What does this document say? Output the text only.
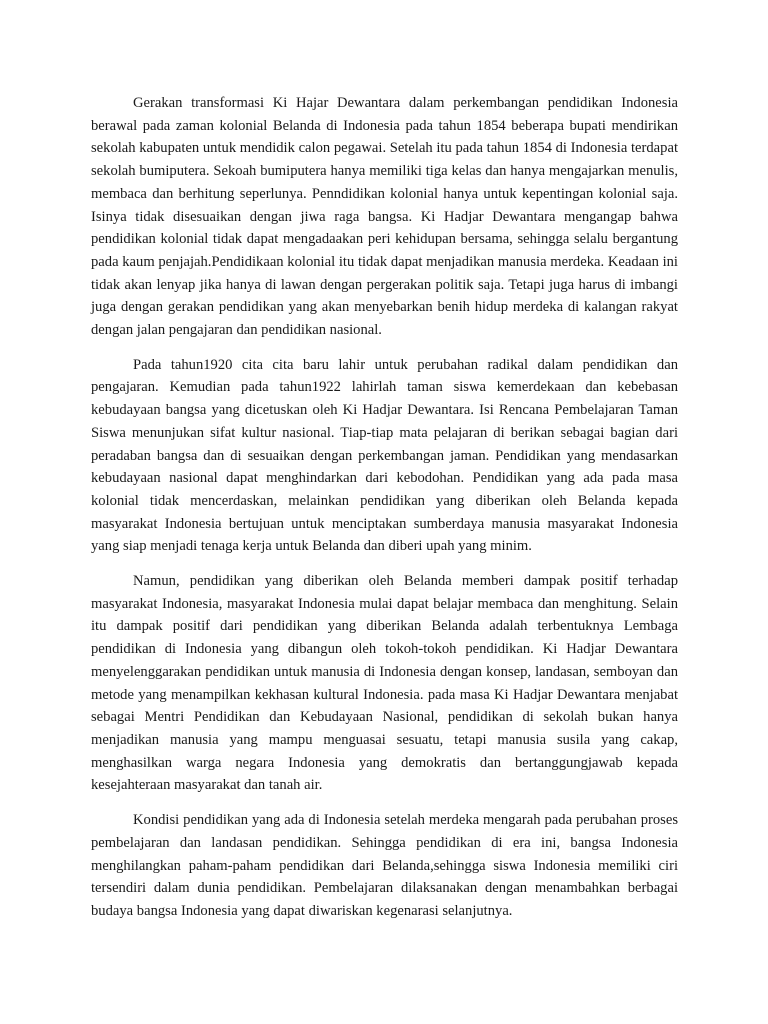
Gerakan transformasi Ki Hajar Dewantara dalam perkembangan pendidikan Indonesia berawal pada zaman kolonial Belanda di Indonesia pada tahun 1854 beberapa bupati mendirikan sekolah kabupaten untuk mendidik calon pegawai. Setelah itu pada tahun 1854 di Indonesia terdapat sekolah bumiputera. Sekoah bumiputera hanya memiliki tiga kelas dan hanya mengajarkan menulis, membaca dan berhitung seperlunya. Penndidikan kolonial hanya untuk kepentingan kolonial saja. Isinya tidak disesuaikan dengan jiwa raga bangsa. Ki Hadjar Dewantara mengangap bahwa pendidikan kolonial tidak dapat mengadaakan peri kehidupan bersama, sehingga selalu bergantung pada kaum penjajah.Pendidikaan kolonial itu tidak dapat menjadikan manusia merdeka. Keadaan ini tidak akan lenyap jika hanya di lawan dengan pergerakan politik saja. Tetapi juga harus di imbangi juga dengan gerakan pendidikan yang akan menyebarkan benih hidup merdeka di kalangan rakyat dengan jalan pengajaran dan pendidikan nasional.

Pada tahun1920 cita cita baru lahir untuk perubahan radikal dalam pendidikan dan pengajaran. Kemudian pada tahun1922 lahirlah taman siswa kemerdekaan dan kebebasan kebudayaan bangsa yang dicetuskan oleh Ki Hadjar Dewantara. Isi Rencana Pembelajaran Taman Siswa menunjukan sifat kultur nasional. Tiap-tiap mata pelajaran di berikan sebagai bagian dari peradaban bangsa dan di sesuaikan dengan perkembangan jaman. Pendidikan yang mendasarkan kebudayaan nasional dapat menghindarkan dari kebodohan. Pendidikan yang ada pada masa kolonial tidak mencerdaskan, melainkan pendidikan yang diberikan oleh Belanda kepada masyarakat Indonesia bertujuan untuk menciptakan sumberdaya manusia masyarakat Indonesia yang siap menjadi tenaga kerja untuk Belanda dan diberi upah yang minim.

Namun, pendidikan yang diberikan oleh Belanda memberi dampak positif terhadap masyarakat Indonesia, masyarakat Indonesia mulai dapat belajar membaca dan menghitung. Selain itu dampak positif dari pendidikan yang diberikan Belanda adalah terbentuknya Lembaga pendidikan di Indonesia yang dibangun oleh tokoh-tokoh pendidikan. Ki Hadjar Dewantara menyelenggarakan pendidikan untuk manusia di Indonesia dengan konsep, landasan, semboyan dan metode yang menampilkan kekhasan kultural Indonesia. pada masa Ki Hadjar Dewantara menjabat sebagai Mentri Pendidikan dan Kebudayaan Nasional, pendidikan di sekolah bukan hanya menjadikan manusia yang mampu menguasai sesuatu, tetapi manusia susila yang cakap, menghasilkan warga negara Indonesia yang demokratis dan bertanggungjawab kepada kesejahteraan masyarakat dan tanah air.

Kondisi pendidikan yang ada di Indonesia setelah merdeka mengarah pada perubahan proses pembelajaran dan landasan pendidikan. Sehingga pendidikan di era ini, bangsa Indonesia menghilangkan paham-paham pendidikan dari Belanda,sehingga siswa Indonesia memiliki ciri tersendiri dalam dunia pendidikan. Pembelajaran dilaksanakan dengan menambahkan berbagai budaya bangsa Indonesia yang dapat diwariskan kegenarasi selanjutnya.
